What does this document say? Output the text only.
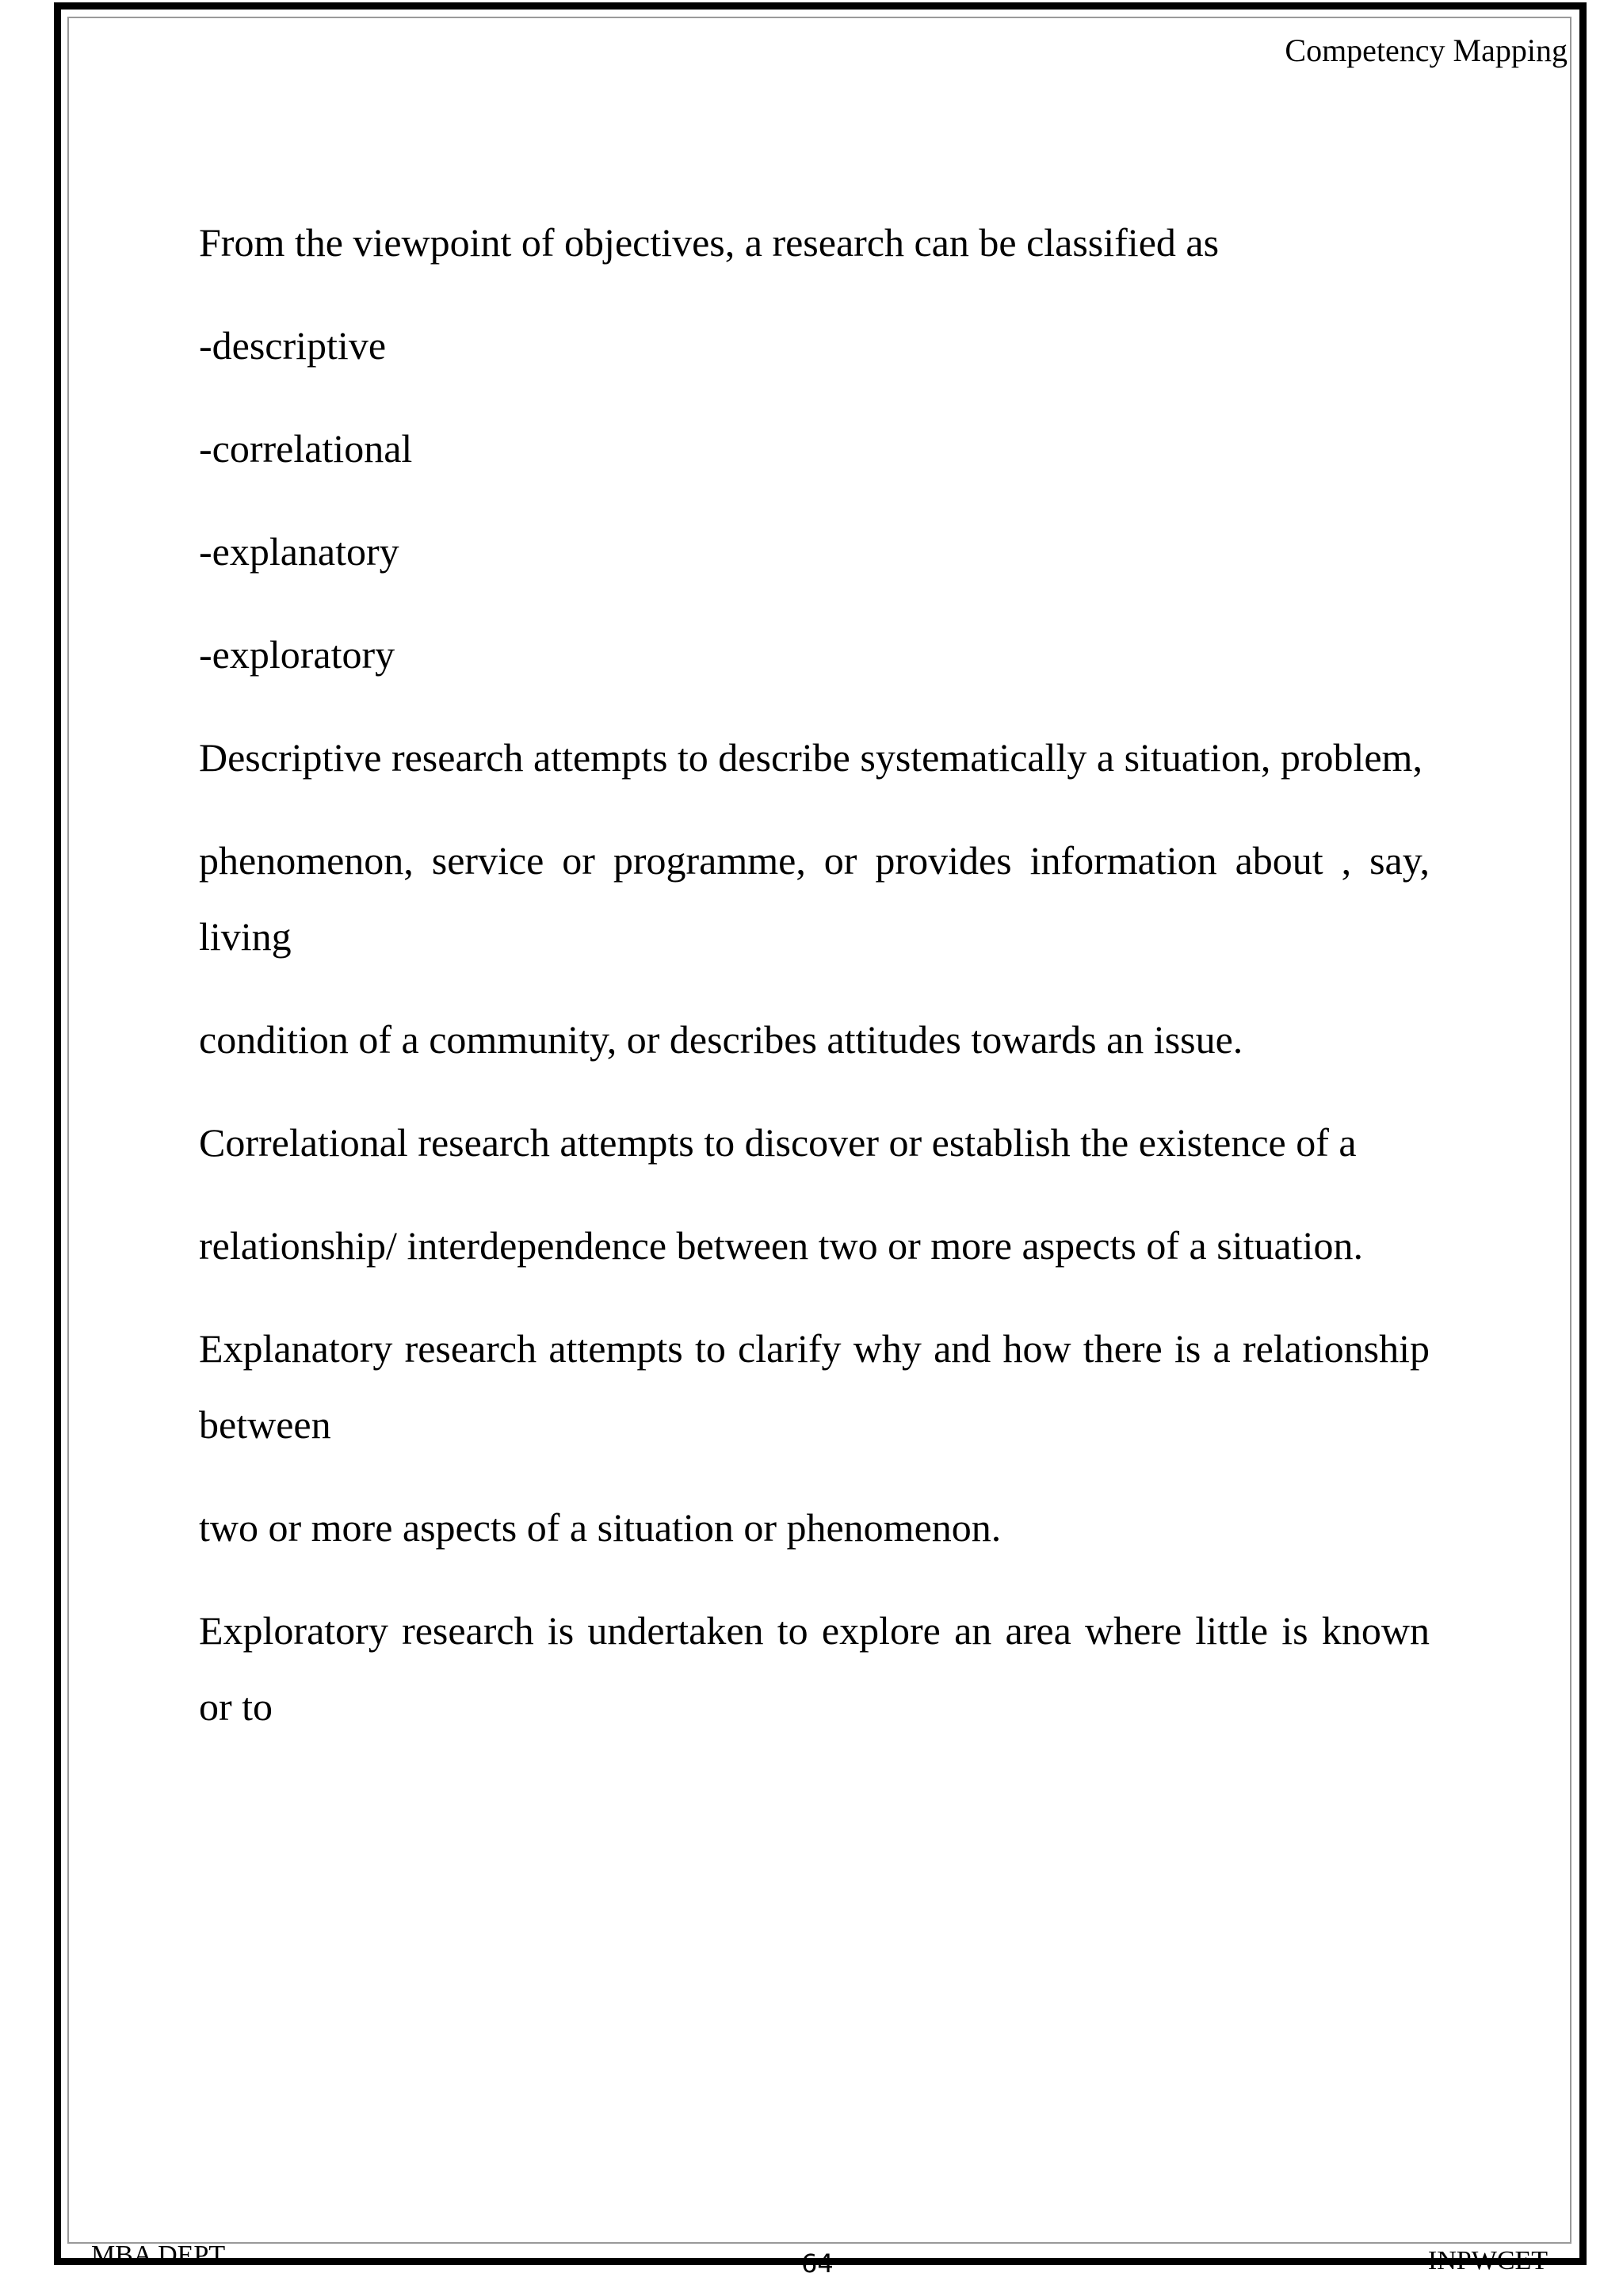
Competency Mapping
From the viewpoint of objectives, a research can be classified as
-descriptive
-correlational
-explanatory
-exploratory
Descriptive research attempts to describe systematically a situation, problem,
phenomenon, service or programme, or provides information about , say, living
condition of a community, or describes attitudes towards an issue.
Correlational research attempts to discover or establish the existence of a
relationship/ interdependence between two or more aspects of a situation.
Explanatory research attempts to clarify why and how there is a relationship between
two or more aspects of a situation or phenomenon.
Exploratory research is undertaken to explore an area where little is known or to
MBA DEPT	64	INPWCET
